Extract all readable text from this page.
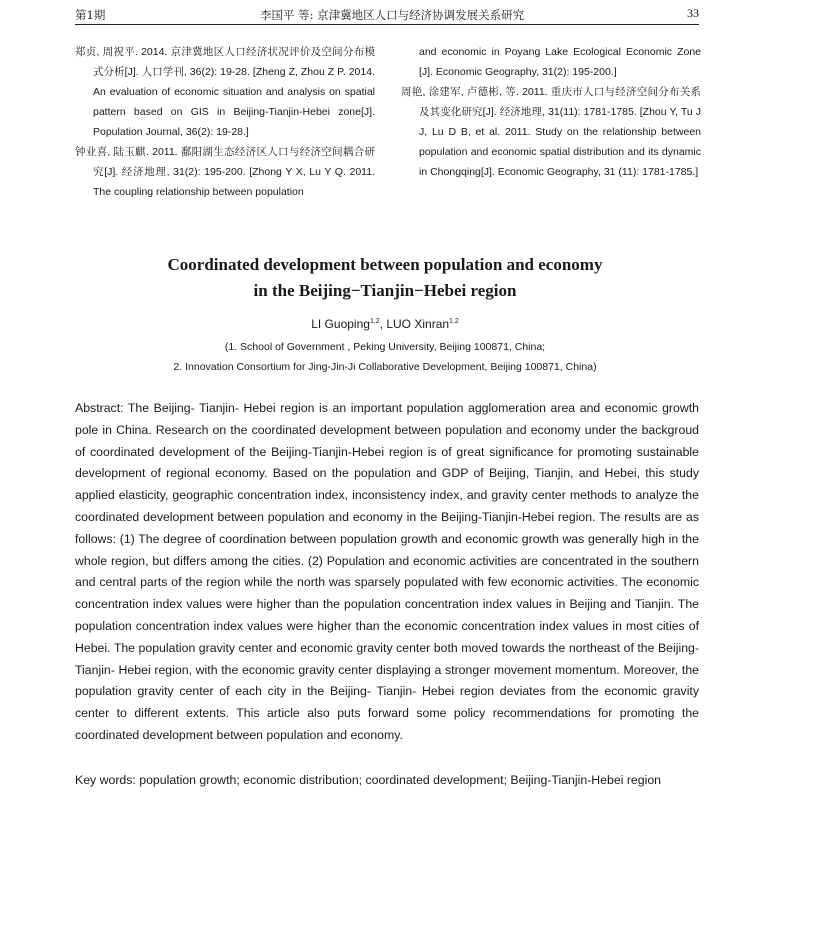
第1期	李国平 等: 京津冀地区人口与经济协调发展关系研究	33
郑贞, 周祝平. 2014. 京津冀地区人口经济状况评价及空间分布模式分析[J]. 人口学刊, 36(2): 19-28. [Zheng Z, Zhou Z P. 2014. An evaluation of economic situation and analysis on spatial pattern based on GIS in Beijing-Tianjin-Hebei zone[J]. Population Journal, 36(2): 19-28.]
钟业喜, 陆玉麒. 2011. 鄱阳湖生态经济区人口与经济空间耦合研究[J]. 经济地理, 31(2): 195-200. [Zhong Y X, Lu Y Q. 2011. The coupling relationship between population
and economic in Poyang Lake Ecological Economic Zone [J]. Economic Geography, 31(2): 195-200.]
周艳, 涂建军, 卢德彬, 等. 2011. 重庆市人口与经济空间分布关系及其变化研究[J]. 经济地理, 31(11): 1781-1785. [Zhou Y, Tu J J, Lu D B, et al. 2011. Study on the relationship between population and economic spatial distribution and its dynamic in Chongqing[J]. Economic Geography, 31 (11): 1781-1785.]
Coordinated development between population and economy
in the Beijing−Tianjin−Hebei region
LI Guoping$^{1,2}$, LUO Xinran$^{1,2}$
(1. School of Government , Peking University, Beijing 100871, China;
2. Innovation Consortium for Jing-Jin-Ji Collaborative Development, Beijing 100871, China)
Abstract: The Beijing- Tianjin- Hebei region is an important population agglomeration area and economic growth pole in China. Research on the coordinated development between population and economy under the backgroud of coordinated development of the Beijing-Tianjin-Hebei region is of great significance for promoting sustainable development of regional economy. Based on the population and GDP of Beijing, Tianjin, and Hebei, this study applied elasticity, geographic concentration index, inconsistency index, and gravity center methods to analyze the coordinated development between population and economy in the Beijing-Tianjin-Hebei region. The results are as follows: (1) The degree of coordination between population growth and economic growth was generally high in the whole region, but differs among the cities. (2) Population and economic activities are concentrated in the southern and central parts of the region while the north was sparsely populated with few economic activities. The economic concentration index values were higher than the population concentration index values in Beijing and Tianjin. The population concentration index values were higher than the economic concentration index values in most cities of Hebei. The population gravity center and economic gravity center both moved towards the northeast of the Beijing- Tianjin- Hebei region, with the economic gravity center displaying a stronger movement momentum. Moreover, the population gravity center of each city in the Beijing- Tianjin- Hebei region deviates from the economic gravity center to different extents. This article also puts forward some policy recommendations for promoting the coordinated development between population and economy.
Key words: population growth; economic distribution; coordinated development; Beijing-Tianjin-Hebei region
